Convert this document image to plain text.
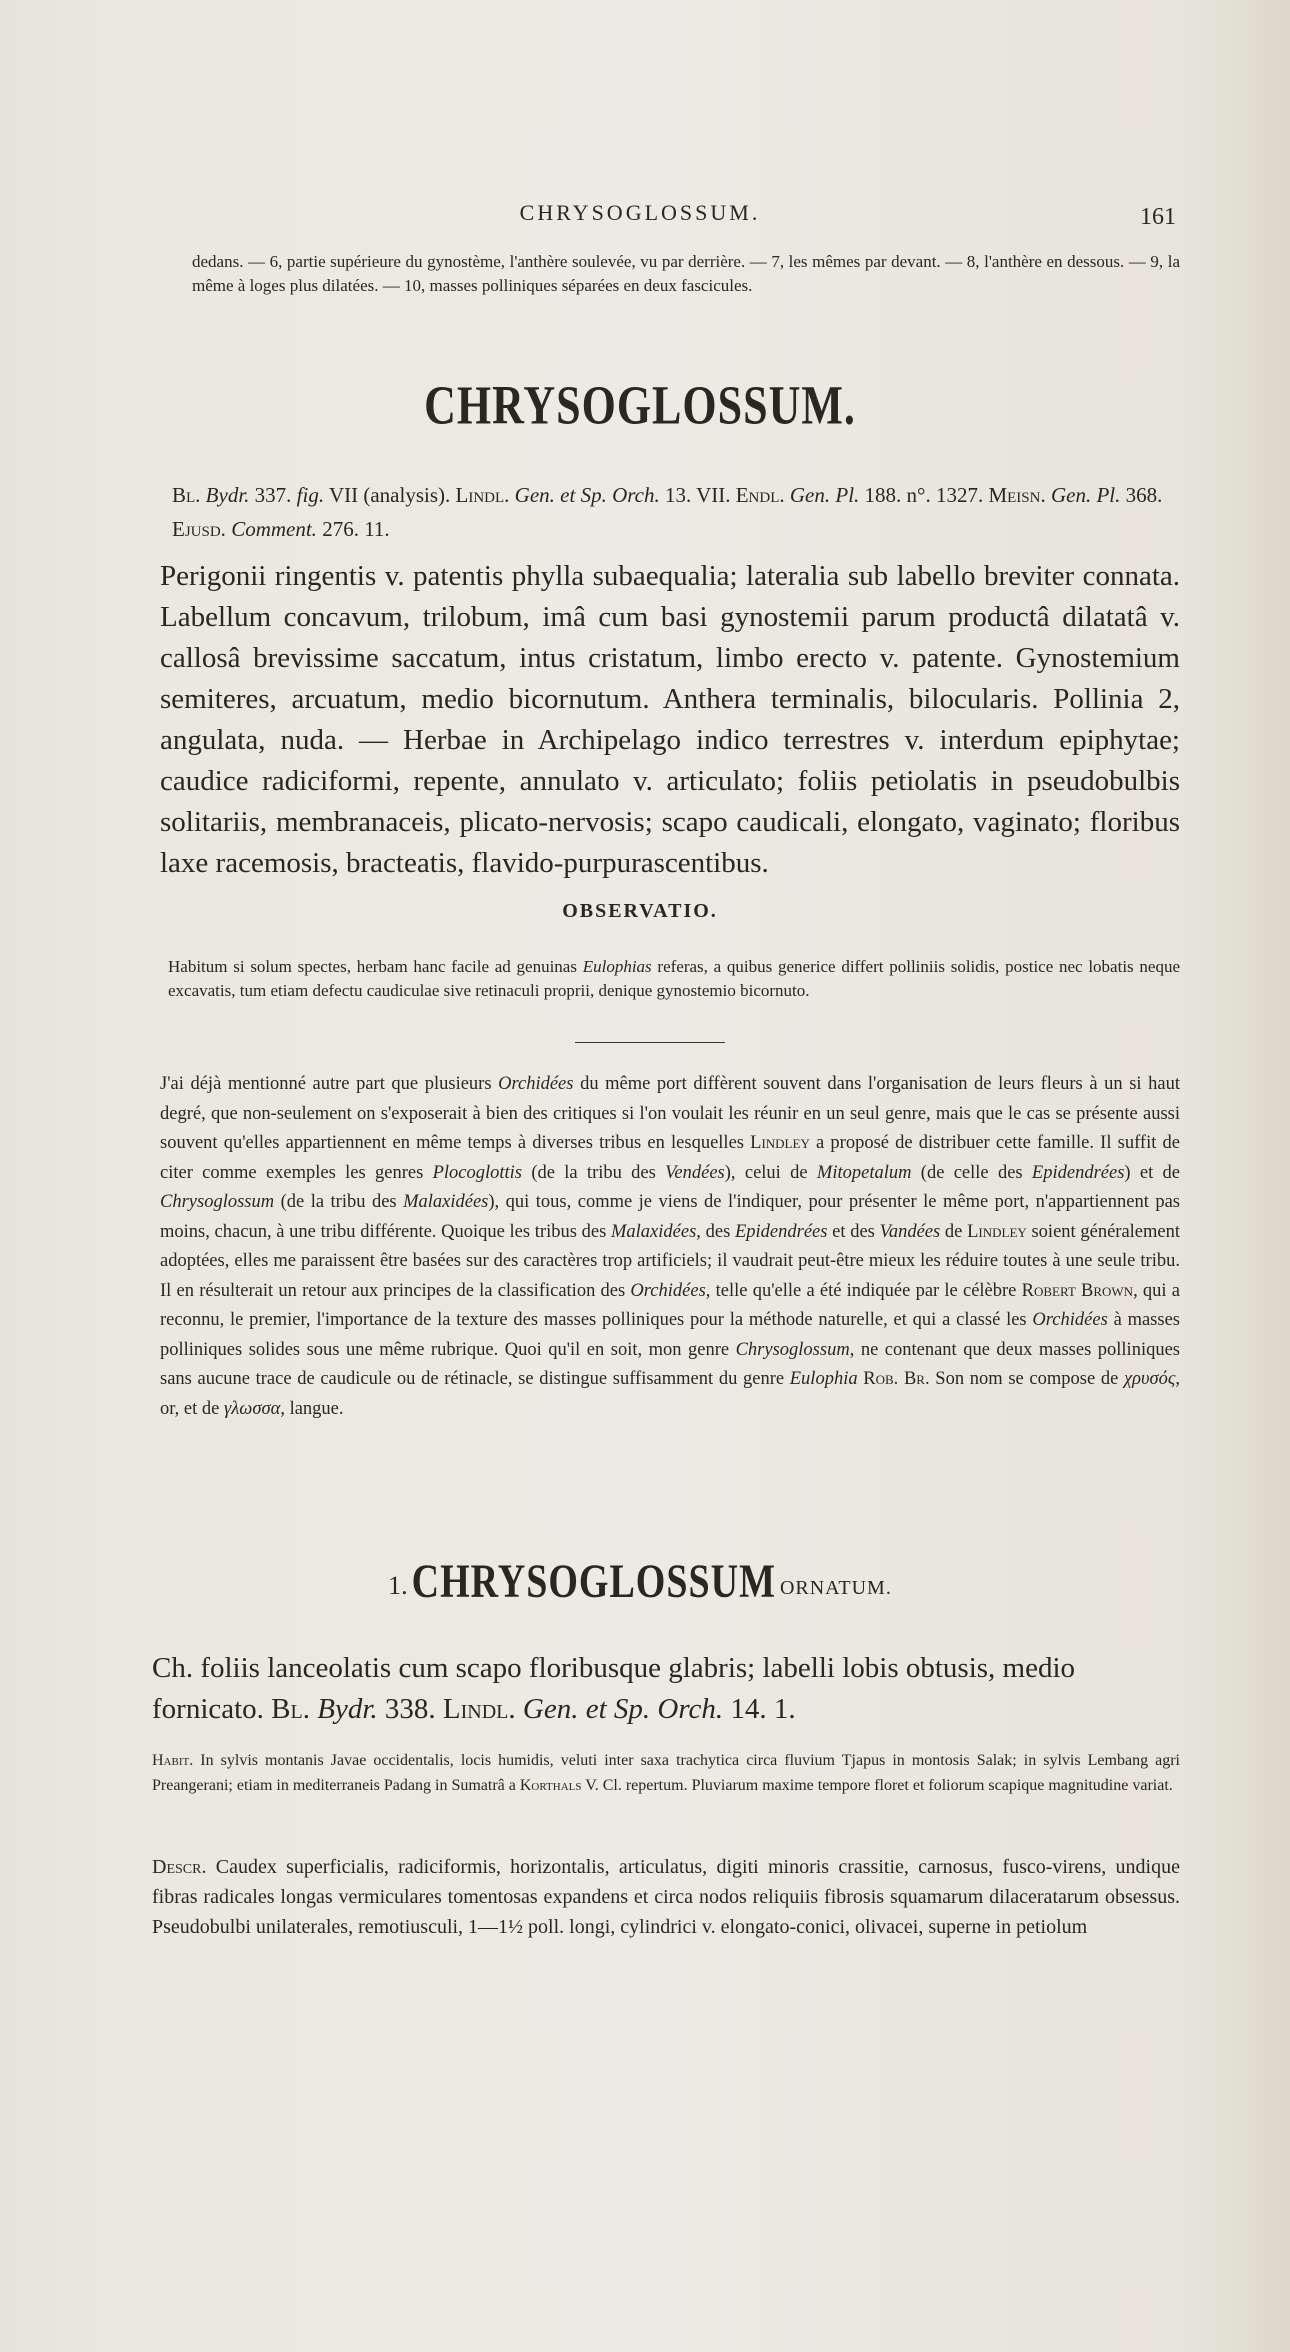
CHRYSOGLOSSUM.	161
dedans. — 6, partie supérieure du gynostème, l'anthère soulevée, vu par derrière. — 7, les mêmes par devant. — 8, l'anthère en dessous. — 9, la même à loges plus dilatées. — 10, masses polliniques séparées en deux fascicules.
CHRYSOGLOSSUM.
Bl. Bydr. 337. fig. VII (analysis). Lindl. Gen. et Sp. Orch. 13. VII. Endl. Gen. Pl. 188. n°. 1327. Meisn. Gen. Pl. 368. Ejusd. Comment. 276. 11.
Perigonii ringentis v. patentis phylla subaequalia; lateralia sub labello breviter connata. Labellum concavum, trilobum, imâ cum basi gynostemii parum productâ dilatatâ v. callosâ brevissime saccatum, intus cristatum, limbo erecto v. patente. Gynostemium semiteres, arcuatum, medio bicornutum. Anthera terminalis, bilocularis. Pollinia 2, angulata, nuda. — Herbae in Archipelago indico terrestres v. interdum epiphytae; caudice radiciformi, repente, annulato v. articulato; foliis petiolatis in pseudobulbis solitariis, membranaceis, plicato-nervosis; scapo caudicali, elongato, vaginato; floribus laxe racemosis, bracteatis, flavido-purpurascentibus.
OBSERVATIO.
Habitum si solum spectes, herbam hanc facile ad genuinas Eulophias referas, a quibus generice differt polliniis solidis, postice nec lobatis neque excavatis, tum etiam defectu caudiculae sive retinaculi proprii, denique gynostemio bicornuto.
J'ai déjà mentionné autre part que plusieurs Orchidées du même port diffèrent souvent dans l'organisation de leurs fleurs à un si haut degré, que non-seulement on s'exposerait à bien des critiques si l'on voulait les réunir en un seul genre, mais que le cas se présente aussi souvent qu'elles appartiennent en même temps à diverses tribus en lesquelles Lindley a proposé de distribuer cette famille. Il suffit de citer comme exemples les genres Plocoglottis (de la tribu des Vendées), celui de Mitopetalum (de celle des Epidendrées) et de Chrysoglossum (de la tribu des Malaxidées), qui tous, comme je viens de l'indiquer, pour présenter le même port, n'appartiennent pas moins, chacun, à une tribu différente. Quoique les tribus des Malaxidées, des Epidendrées et des Vandées de Lindley soient généralement adoptées, elles me paraissent être basées sur des caractères trop artificiels; il vaudrait peut-être mieux les réduire toutes à une seule tribu. Il en résulterait un retour aux principes de la classification des Orchidées, telle qu'elle a été indiquée par le célèbre Robert Brown, qui a reconnu, le premier, l'importance de la texture des masses polliniques pour la méthode naturelle, et qui a classé les Orchidées à masses polliniques solides sous une même rubrique. Quoi qu'il en soit, mon genre Chrysoglossum, ne contenant que deux masses polliniques sans aucune trace de caudicule ou de rétinacle, se distingue suffisamment du genre Eulophia Rob. Br. Son nom se compose de χρυσός, or, et de γλωσσα, langue.
1. CHRYSOGLOSSUM ORNATUM.
Ch. foliis lanceolatis cum scapo floribusque glabris; labelli lobis obtusis, medio fornicato. Bl. Bydr. 338. Lindl. Gen. et Sp. Orch. 14. 1.
Habit. In sylvis montanis Javae occidentalis, locis humidis, veluti inter saxa trachytica circa fluvium Tjapus in montosis Salak; in sylvis Lembang agri Preangerani; etiam in mediterraneis Padang in Sumatrâ a Korthals V. Cl. repertum. Pluviarum maxime tempore floret et foliorum scapique magnitudine variat.
Descr. Caudex superficialis, radiciformis, horizontalis, articulatus, digiti minoris crassitie, carnosus, fusco-virens, undique fibras radicales longas vermiculares tomentosas expandens et circa nodos reliquiis fibrosis squamarum dilaceratarum obsessus. Pseudobulbi unilaterales, remotiusculi, 1—1½ poll. longi, cylindrici v. elongato-conici, olivacei, superne in petiolum
